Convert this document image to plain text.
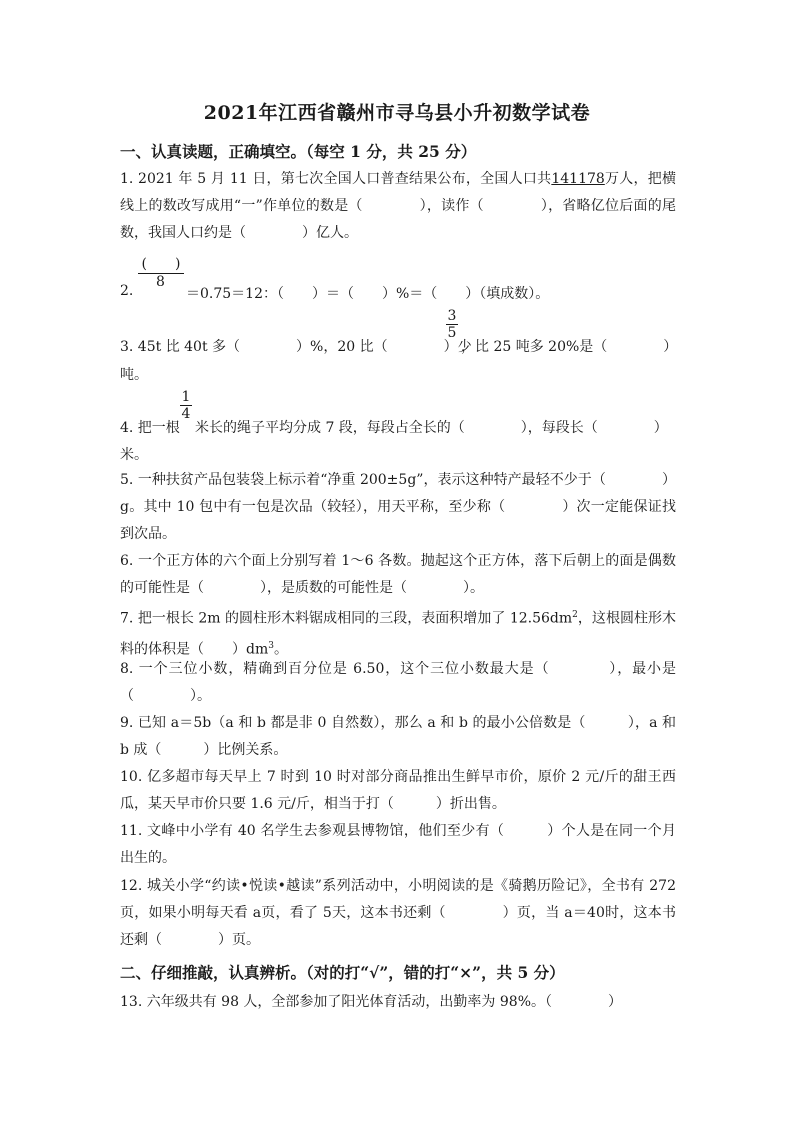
2021年江西省赣州市寻乌县小升初数学试卷
一、认真读题，正确填空。（每空 1 分，共 25 分）
1. 2021 年 5 月 11 日，第七次全国人口普查结果公布，全国人口共141178万人，把横线上的数改写成用“一”作单位的数是（　　　　），读作（　　　　），省略亿位后面的尾数，我国人口约是（　　　　）亿人。
(　　)
8
2.	＝0.75＝12：（　　）＝（　　）%＝（　　）（填成数）。
3. 45t 比 40t 多（　　　　）%，20 比（　　　　）少
3
5
，比 25 吨多 20%是（　　　　）
吨。
4. 把一根
1
4
米长的绳子平均分成 7 段，每段占全长的（　　　　），每段长（　　　　）
米。
5. 一种扶贫产品包装袋上标示着“净重 200±5g”，表示这种特产最轻不少于（　　　　）g。其中 10 包中有一包是次品（较轻），用天平称，至少称（　　　　）次一定能保证找到次品。
6. 一个正方体的六个面上分别写着 1～6 各数。抛起这个正方体，落下后朝上的面是偶数的可能性是（　　　　），是质数的可能性是（　　　　）。
7. 把一根长 2m 的圆柱形木料锯成相同的三段，表面积增加了 $12.56dm^2$，这根圆柱形木料的体积是（　　）$dm^3$。
8. 一个三位小数，精确到百分位是 6.50，这个三位小数最大是（　　　　），最小是（　　　　）。
9. 已知 a＝5b（a 和 b 都是非 0 自然数），那么 a 和 b 的最小公倍数是（　　　），a 和 b 成（　　　）比例关系。
10. 亿多超市每天早上 7 时到 10 时对部分商品推出生鲜早市价，原价 2 元/斤的甜王西瓜，某天早市价只要 1.6 元/斤，相当于打（　　　）折出售。
11. 文峰中小学有 40 名学生去参观县博物馆，他们至少有（　　　）个人是在同一个月出生的。
12. 城关小学“约读•悦读•越读”系列活动中，小明阅读的是《骑鹅历险记》，全书有 272 页，如果小明每天看 a页，看了 5天，这本书还剩（　　　　）页，当 a＝40时，这本书还剩（　　　　）页。
二、仔细推敲，认真辨析。（对的打“√”，错的打“×”，共 5 分）
13. 六年级共有 98 人，全部参加了阳光体育活动，出勤率为 98%。（　　　　）
